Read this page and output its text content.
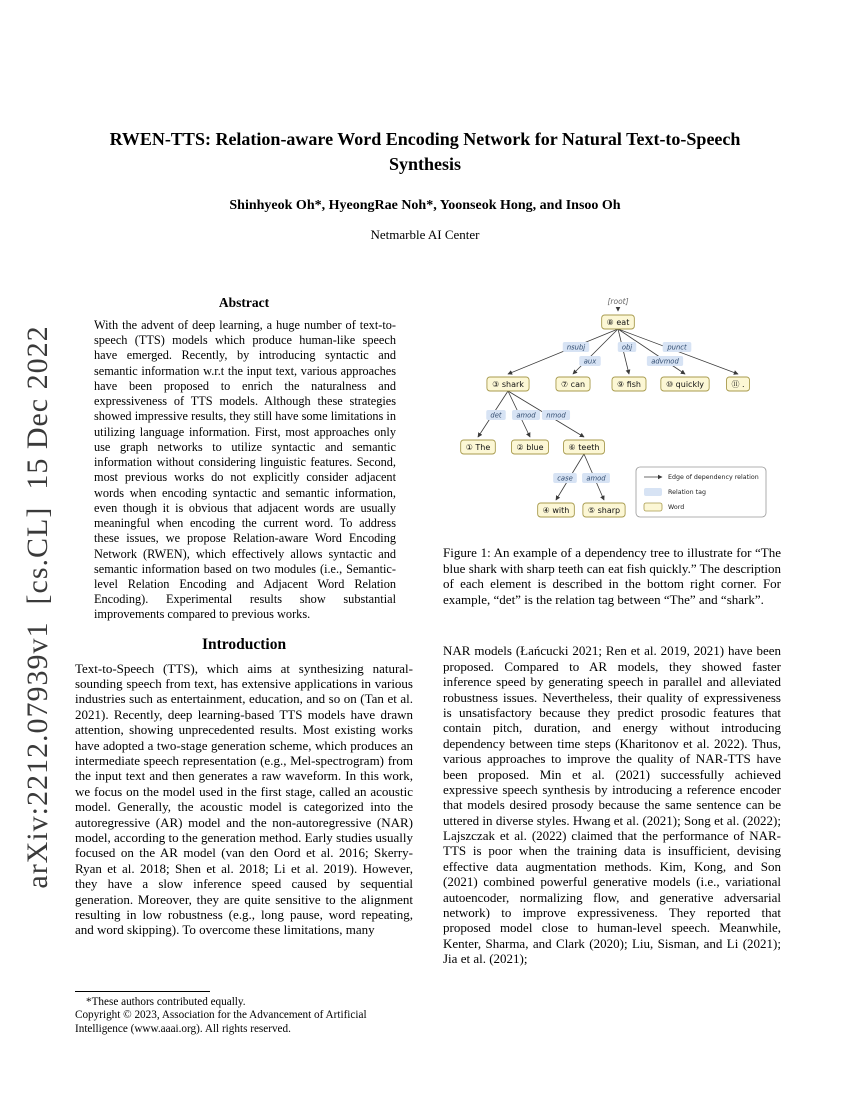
arXiv:2212.07939v1  [cs.CL]  15 Dec 2022
RWEN-TTS: Relation-aware Word Encoding Network for Natural Text-to-Speech Synthesis
Shinhyeok Oh*, HyeongRae Noh*, Yoonseok Hong, and Insoo Oh
Netmarble AI Center
Abstract

With the advent of deep learning, a huge number of text-to-speech (TTS) models which produce human-like speech have emerged. Recently, by introducing syntactic and semantic information w.r.t the input text, various approaches have been proposed to enrich the naturalness and expressiveness of TTS models. Although these strategies showed impressive results, they still have some limitations in utilizing language information. First, most approaches only use graph networks to utilize syntactic and semantic information without considering linguistic features. Second, most previous works do not explicitly consider adjacent words when encoding syntactic and semantic information, even though it is obvious that adjacent words are usually meaningful when encoding the current word. To address these issues, we propose Relation-aware Word Encoding Network (RWEN), which effectively allows syntactic and semantic information based on two modules (i.e., Semantic-level Relation Encoding and Adjacent Word Relation Encoding). Experimental results show substantial improvements compared to previous works.

Introduction

Text-to-Speech (TTS), which aims at synthesizing natural-sounding speech from text, has extensive applications in various industries such as entertainment, education, and so on (Tan et al. 2021). Recently, deep learning-based TTS models have drawn attention, showing unprecedented results. Most existing works have adopted a two-stage generation scheme, which produces an intermediate speech representation (e.g., Mel-spectrogram) from the input text and then generates a raw waveform. In this work, we focus on the model used in the first stage, called an acoustic model. Generally, the acoustic model is categorized into the autoregressive (AR) model and the non-autoregressive (NAR) model, according to the generation method. Early studies usually focused on the AR model (van den Oord et al. 2016; Skerry-Ryan et al. 2018; Shen et al. 2018; Li et al. 2019). However, they have a slow inference speed caused by sequential generation. Moreover, they are quite sensitive to the alignment resulting in low robustness (e.g., long pause, word repeating, and word skipping). To overcome these limitations, many

*These authors contributed equally.

Copyright © 2023, Association for the Advancement of Artificial Intelligence (www.aaai.org). All rights reserved.

[root]
nsubj
aux
obj
advmod
punct
det amod nmod
case amod
⑧ eat
③ shark	⑦ can	⑨ fish	⑩ quickly	⑪ .
① The	② blue	⑥ teeth
④ with ⑤ sharp
Edge of dependency relation
Relation tag
Word
Figure 1: An example of a dependency tree to illustrate for “The blue shark with sharp teeth can eat fish quickly.” The description of each element is described in the bottom right corner. For example, “det” is the relation tag between “The” and “shark”.

NAR models (Łańcucki 2021; Ren et al. 2019, 2021) have been proposed. Compared to AR models, they showed faster inference speed by generating speech in parallel and alleviated robustness issues. Nevertheless, their quality of expressiveness is unsatisfactory because they predict prosodic features that contain pitch, duration, and energy without introducing dependency between time steps (Kharitonov et al. 2022). Thus, various approaches to improve the quality of NAR-TTS have been proposed. Min et al. (2021) successfully achieved expressive speech synthesis by introducing a reference encoder that models desired prosody because the same sentence can be uttered in diverse styles. Hwang et al. (2021); Song et al. (2022); Lajszczak et al. (2022) claimed that the performance of NAR-TTS is poor when the training data is insufficient, devising effective data augmentation methods. Kim, Kong, and Son (2021) combined powerful generative models (i.e., variational autoencoder, normalizing flow, and generative adversarial network) to improve expressiveness. They reported that proposed model close to human-level speech. Meanwhile, Kenter, Sharma, and Clark (2020); Liu, Sisman, and Li (2021); Jia et al. (2021);
